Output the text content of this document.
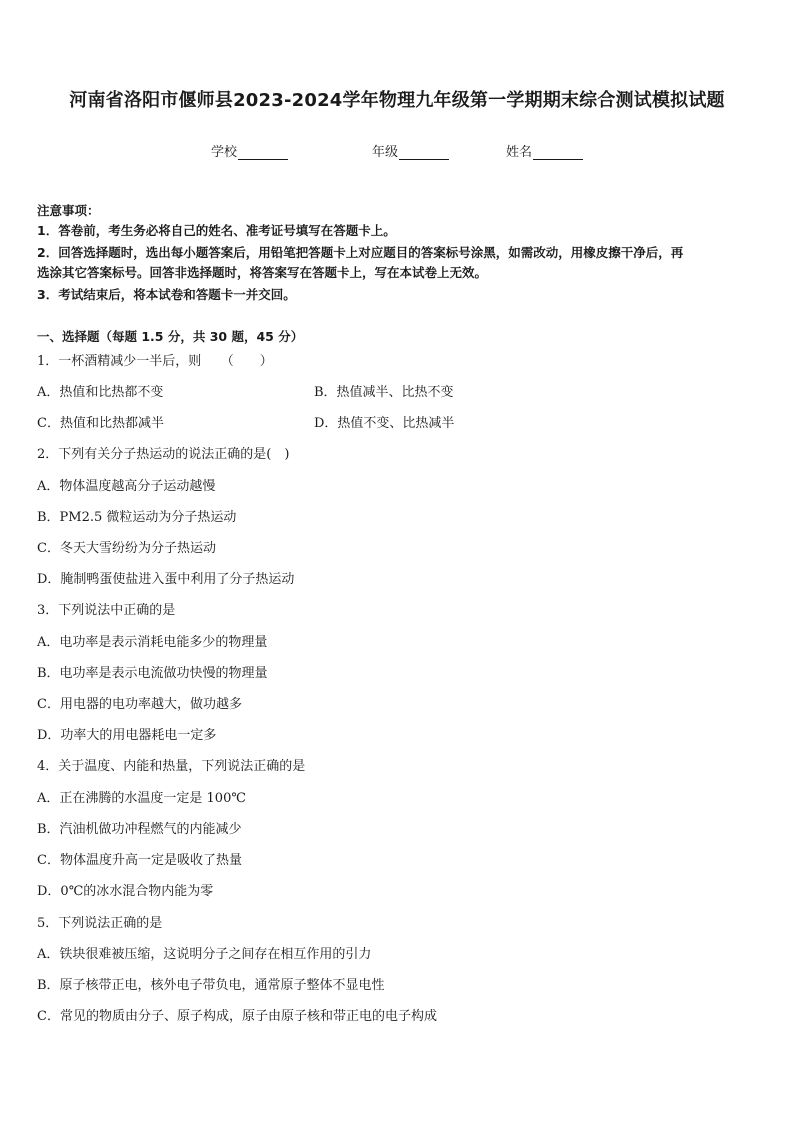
河南省洛阳市偃师县2023-2024学年物理九年级第一学期期末综合测试模拟试题
学校	年级	姓名
注意事项：
1．答卷前，考生务必将自己的姓名、准考证号填写在答题卡上。
2．回答选择题时，选出每小题答案后，用铅笔把答题卡上对应题目的答案标号涂黑，如需改动，用橡皮擦干净后，再
选涂其它答案标号。回答非选择题时，将答案写在答题卡上，写在本试卷上无效。
3．考试结束后，将本试卷和答题卡一并交回。
一、选择题（每题 1.5 分，共 30 题，45 分）
1．一杯酒精减少一半后，则　　（　　）
A．热值和比热都不变	B．热值减半、比热不变
C．热值和比热都减半	D．热值不变、比热减半
2．下列有关分子热运动的说法正确的是(　)
A．物体温度越高分子运动越慢
B．PM2.5 微粒运动为分子热运动
C．冬天大雪纷纷为分子热运动
D．腌制鸭蛋使盐进入蛋中利用了分子热运动
3．下列说法中正确的是
A．电功率是表示消耗电能多少的物理量
B．电功率是表示电流做功快慢的物理量
C．用电器的电功率越大，做功越多
D．功率大的用电器耗电一定多
4．关于温度、内能和热量，下列说法正确的是
A．正在沸腾的水温度一定是 100℃
B．汽油机做功冲程燃气的内能减少
C．物体温度升高一定是吸收了热量
D．0℃的冰水混合物内能为零
5．下列说法正确的是
A．铁块很难被压缩，这说明分子之间存在相互作用的引力
B．原子核带正电，核外电子带负电，通常原子整体不显电性
C．常见的物质由分子、原子构成，原子由原子核和带正电的电子构成
